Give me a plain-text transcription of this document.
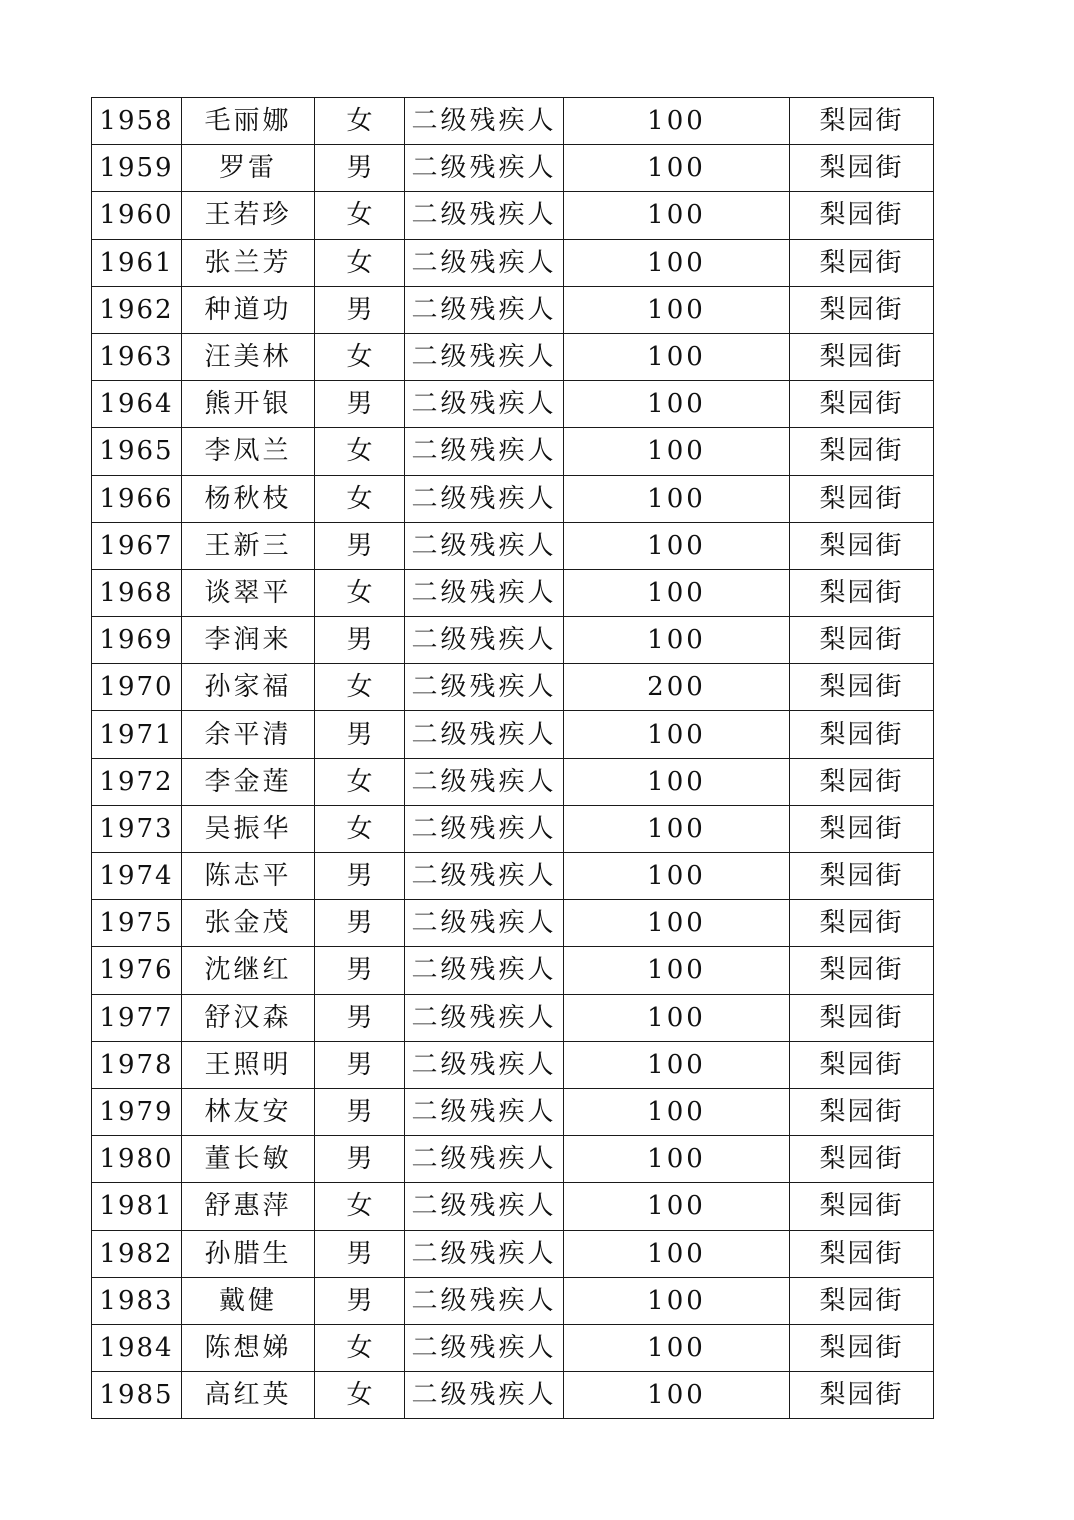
1958	毛丽娜	女	二级残疾人	100	梨园街
1959	罗雷	男	二级残疾人	100	梨园街
1960	王若珍	女	二级残疾人	100	梨园街
1961	张兰芳	女	二级残疾人	100	梨园街
1962	种道功	男	二级残疾人	100	梨园街
1963	汪美林	女	二级残疾人	100	梨园街
1964	熊开银	男	二级残疾人	100	梨园街
1965	李凤兰	女	二级残疾人	100	梨园街
1966	杨秋枝	女	二级残疾人	100	梨园街
1967	王新三	男	二级残疾人	100	梨园街
1968	谈翠平	女	二级残疾人	100	梨园街
1969	李润来	男	二级残疾人	100	梨园街
1970	孙家福	女	二级残疾人	200	梨园街
1971	余平清	男	二级残疾人	100	梨园街
1972	李金莲	女	二级残疾人	100	梨园街
1973	吴振华	女	二级残疾人	100	梨园街
1974	陈志平	男	二级残疾人	100	梨园街
1975	张金茂	男	二级残疾人	100	梨园街
1976	沈继红	男	二级残疾人	100	梨园街
1977	舒汉森	男	二级残疾人	100	梨园街
1978	王照明	男	二级残疾人	100	梨园街
1979	林友安	男	二级残疾人	100	梨园街
1980	董长敏	男	二级残疾人	100	梨园街
1981	舒惠萍	女	二级残疾人	100	梨园街
1982	孙腊生	男	二级残疾人	100	梨园街
1983	戴健	男	二级残疾人	100	梨园街
1984	陈想娣	女	二级残疾人	100	梨园街
1985	高红英	女	二级残疾人	100	梨园街
